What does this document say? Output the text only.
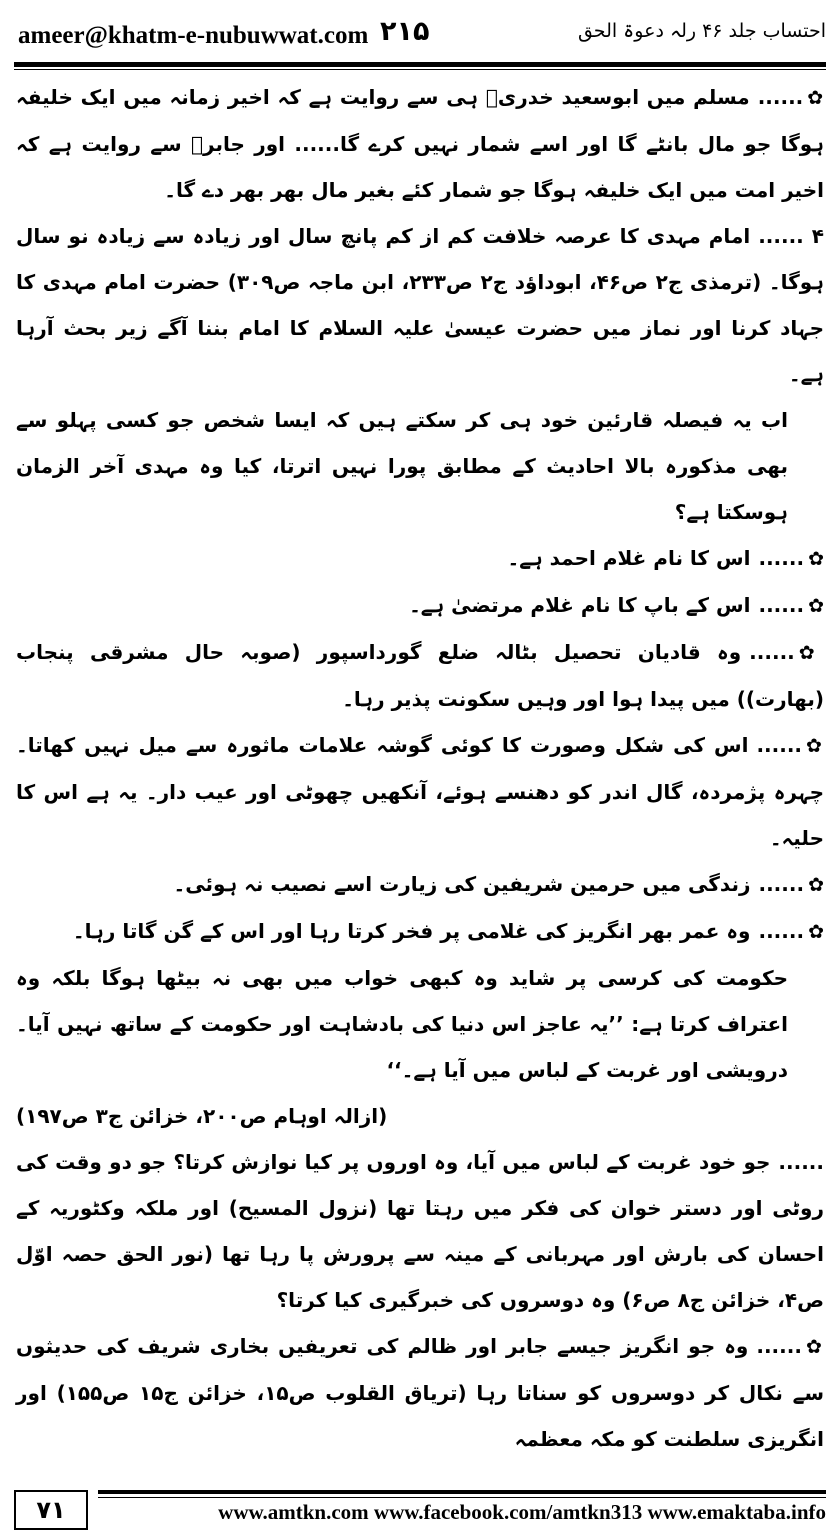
ameer@khatm-e-nubuwwat.com ۲۱۵	احتساب جلد ۴۶ رلہ دعوۃ الحق

✿......مسلم میں ابوسعید خدریؓ ہی سے روایت ہے کہ اخیر زمانہ میں ایک خلیفہ ہوگا جو مال بانٹے گا اور اسے شمار نہیں کرے گا...... اور جابرؓ سے روایت ہے کہ اخیر امت میں ایک خلیفہ ہوگا جو شمار کئے بغیر مال بھر بھر دے گا۔

۴......امام مہدی کا عرصہ خلافت کم از کم پانچ سال اور زیادہ سے زیادہ نو سال ہوگا۔ (ترمذی ج۲ ص۴۶، ابوداؤد ج۲ ص۲۳۳، ابن ماجہ ص۳۰۹) حضرت امام مہدی کا جہاد کرنا اور نماز میں حضرت عیسیٰ علیہ السلام کا امام بننا آگے زیر بحث آرہا ہے۔

اب یہ فیصلہ قارئین خود ہی کر سکتے ہیں کہ ایسا شخص جو کسی پہلو سے بھی مذکورہ بالا احادیث کے مطابق پورا نہیں اترتا، کیا وہ مہدی آخر الزمان ہوسکتا ہے؟

✿......اس کا نام غلام احمد ہے۔

✿......اس کے باپ کا نام غلام مرتضیٰ ہے۔

✿......وہ قادیان تحصیل بٹالہ ضلع گورداسپور (صوبہ حال مشرقی پنجاب (بھارت)) میں پیدا ہوا اور وہیں سکونت پذیر رہا۔

✿......اس کی شکل وصورت کا کوئی گوشہ علامات ماثورہ سے میل نہیں کھاتا۔ چہرہ پژمردہ، گال اندر کو دھنسے ہوئے، آنکھیں چھوٹی اور عیب دار۔ یہ ہے اس کا حلیہ۔

✿......زندگی میں حرمین شریفین کی زیارت اسے نصیب نہ ہوئی۔

✿......وہ عمر بھر انگریز کی غلامی پر فخر کرتا رہا اور اس کے گن گاتا رہا۔

حکومت کی کرسی پر شاید وہ کبھی خواب میں بھی نہ بیٹھا ہوگا بلکہ وہ اعتراف کرتا ہے: ’’یہ عاجز اس دنیا کی بادشاہت اور حکومت کے ساتھ نہیں آیا۔ درویشی اور غربت کے لباس میں آیا ہے۔‘‘

(ازالہ اوہام ص۲۰۰، خزائن ج۳ ص۱۹۷)

......جو خود غربت کے لباس میں آیا، وہ اوروں پر کیا نوازش کرتا؟ جو دو وقت کی روٹی اور دستر خوان کی فکر میں رہتا تھا (نزول المسیح) اور ملکہ وکٹوریہ کے احسان کی بارش اور مہربانی کے مینہ سے پرورش پا رہا تھا (نور الحق حصہ اوّل ص۴، خزائن ج۸ ص۶) وہ دوسروں کی خبرگیری کیا کرتا؟

✿......وہ جو انگریز جیسے جابر اور ظالم کی تعریفیں بخاری شریف کی حدیثوں سے نکال کر دوسروں کو سناتا رہا (تریاق القلوب ص۱۵، خزائن ج۱۵ ص۱۵۵) اور انگریزی سلطنت کو مکہ معظمہ

۷۱	www.amtkn.com www.facebook.com/amtkn313 www.emaktaba.info
